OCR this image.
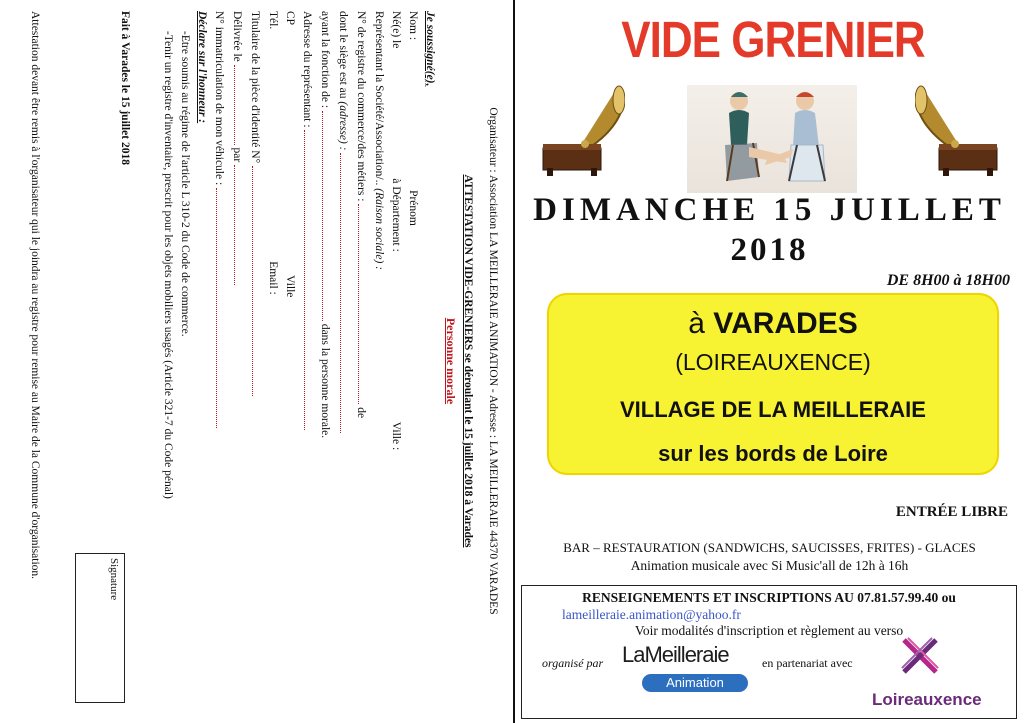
Organisateur : Association LA MEILLERAIE ANIMATION - Adresse : LA MEILLERAIE 44370 VARADES
ATTESTATION VIDE-GRENIERS se déroulant le 15 juillet 2018 à Varades
Personne morale
Je soussigné(e),
Nom :
Prénom
Né(e) le
à Département :
Ville :
Représentant la Société/Association/.. (Raison sociale) :
N° de registre du commerce/des métiers :  de
dont le siège est au (adresse) :
ayant la fonction de :  dans la personne morale.
Adresse du représentant :
CP
Ville
Tél.
Email :
Titulaire de la pièce d'identité N°
Délivrée le  par
N° immatriculation de mon véhicule :
Déclare sur l'honneur :
-Etre soumis au régime de l'article L 310-2 du Code de commerce.
-Tenir un registre d'inventaire, prescrit pour les objets mobiliers usagés (Article 321-7 du Code pénal)
Fait à Varades le 15 juillet 2018
Signature
Attestation devant être remis à l'organisateur qui le joindra au registre pour remise au Maire de la Commune d'organisation.	VIDE GRENIER
DIMANCHE 15 JUILLET
2018
DE 8H00 à 18H00
à VARADES
(LOIREAUXENCE)
VILLAGE DE LA MEILLERAIE
sur les bords de Loire
ENTRÉE LIBRE
BAR – RESTAURATION (SANDWICHS, SAUCISSES, FRITES) - GLACES
Animation musicale avec Si Music'all de 12h à 16h
RENSEIGNEMENTS ET INSCRIPTIONS AU 07.81.57.99.40 ou
lameilleraie.animation@yahoo.fr
Voir modalités d'inscription et règlement au verso
organisé par	en partenariat avec
LaMeilleraie
Animation
Loireauxence
